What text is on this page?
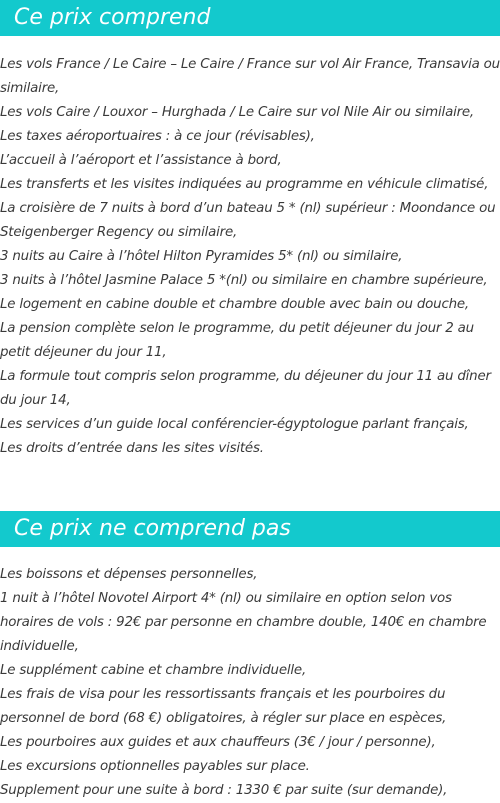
Ce prix comprend
Les vols France / Le Caire – Le Caire / France sur vol Air France, Transavia ou similaire,
Les vols Caire / Louxor – Hurghada / Le Caire sur vol Nile Air ou similaire,
Les taxes aéroportuaires : à ce jour (révisables),
L’accueil à l’aéroport et l’assistance à bord,
Les transferts et les visites indiquées au programme en véhicule climatisé,
La croisière de 7 nuits à bord d’un bateau 5 * (nl) supérieur : Moondance ou Steigenberger Regency ou similaire,
3 nuits au Caire à l’hôtel Hilton Pyramides 5* (nl) ou similaire,
3 nuits à l’hôtel Jasmine Palace 5 *(nl) ou similaire en chambre supérieure,
Le logement en cabine double et chambre double avec bain ou douche,
La pension complète selon le programme, du petit déjeuner du jour 2 au petit déjeuner du jour 11,
La formule tout compris selon programme, du déjeuner du jour 11 au dîner du jour 14,
Les services d’un guide local conférencier-égyptologue parlant français,
Les droits d’entrée dans les sites visités.
Ce prix ne comprend pas
Les boissons et dépenses personnelles,
1 nuit à l’hôtel Novotel Airport 4* (nl) ou similaire en option selon vos horaires de vols : 92€ par personne en chambre double, 140€ en chambre individuelle,
Le supplément cabine et chambre individuelle,
Les frais de visa pour les ressortissants français et les pourboires du personnel de bord (68 €) obligatoires, à régler sur place en espèces,
Les pourboires aux guides et aux chauffeurs (3€ / jour / personne),
Les excursions optionnelles payables sur place.
Supplement pour une suite à bord : 1330 € par suite (sur demande),
